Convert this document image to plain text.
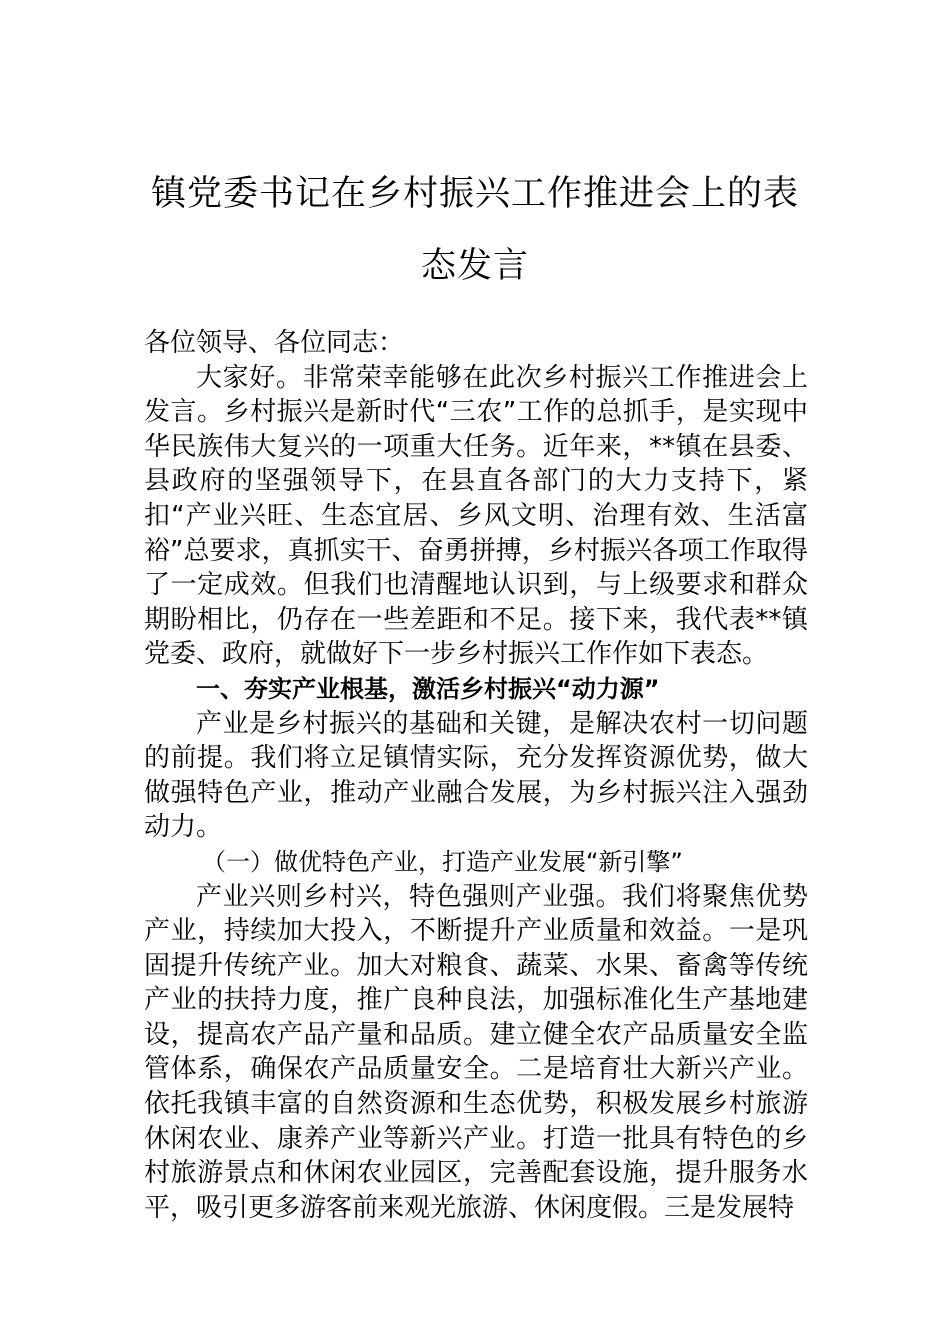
镇党委书记在乡村振兴工作推进会上的表
态发言

各位领导、各位同志：

大家好。非常荣幸能够在此次乡村振兴工作推进会上发言。乡村振兴是新时代“三农”工作的总抓手，是实现中华民族伟大复兴的一项重大任务。近年来，**镇在县委、县政府的坚强领导下，在县直各部门的大力支持下，紧扣“产业兴旺、生态宜居、乡风文明、治理有效、生活富裕”总要求，真抓实干、奋勇拼搏，乡村振兴各项工作取得了一定成效。但我们也清醒地认识到，与上级要求和群众期盼相比，仍存在一些差距和不足。接下来，我代表**镇党委、政府，就做好下一步乡村振兴工作作如下表态。

一、夯实产业根基，激活乡村振兴“动力源”

产业是乡村振兴的基础和关键，是解决农村一切问题的前提。我们将立足镇情实际，充分发挥资源优势，做大做强特色产业，推动产业融合发展，为乡村振兴注入强劲动力。

（一）做优特色产业，打造产业发展“新引擎”

产业兴则乡村兴，特色强则产业强。我们将聚焦优势产业，持续加大投入，不断提升产业质量和效益。一是巩固提升传统产业。加大对粮食、蔬菜、水果、畜禽等传统产业的扶持力度，推广良种良法，加强标准化生产基地建设，提高农产品产量和品质。建立健全农产品质量安全监管体系，确保农产品质量安全。二是培育壮大新兴产业。依托我镇丰富的自然资源和生态优势，积极发展乡村旅游休闲农业、康养产业等新兴产业。打造一批具有特色的乡村旅游景点和休闲农业园区，完善配套设施，提升服务水平，吸引更多游客前来观光旅游、休闲度假。三是发展特
